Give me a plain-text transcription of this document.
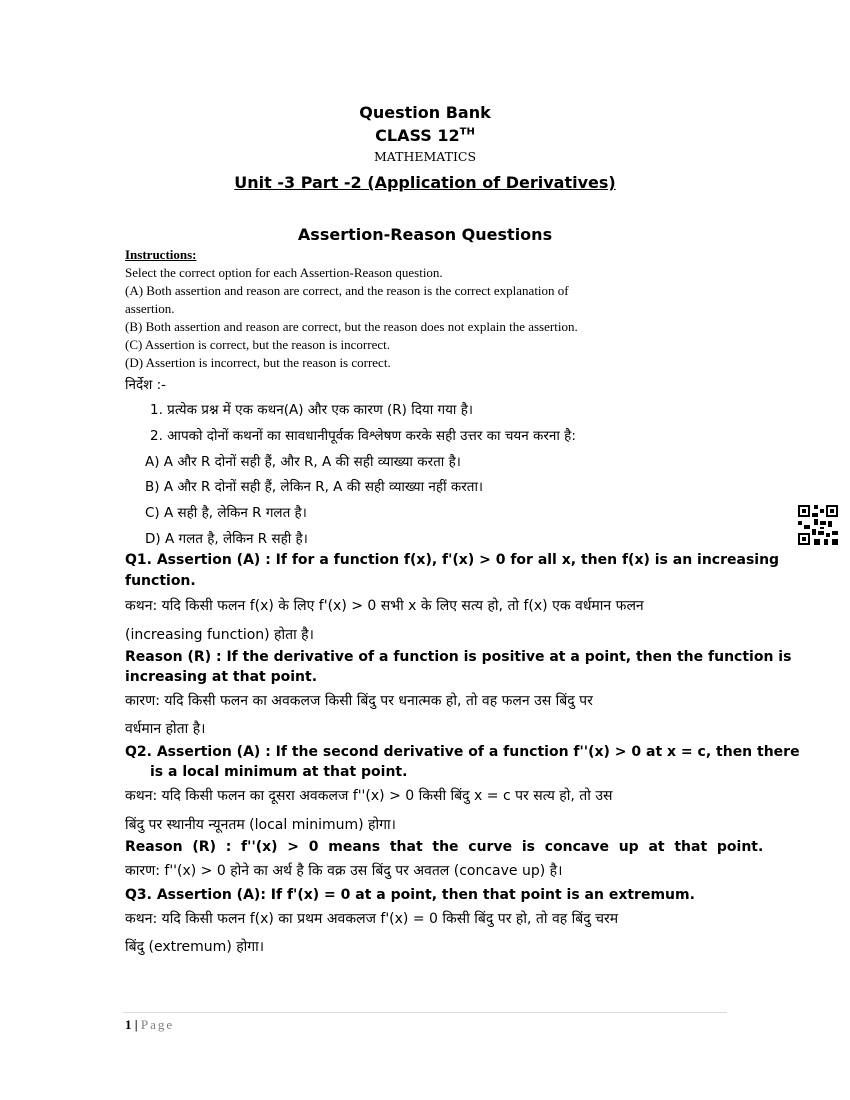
Question Bank
CLASS 12TH
MATHEMATICS
Unit -3 Part -2 (Application of Derivatives)
Assertion-Reason Questions
Instructions:
Select the correct option for each Assertion-Reason question.
(A) Both assertion and reason are correct, and the reason is the correct explanation of
assertion.
(B) Both assertion and reason are correct, but the reason does not explain the assertion.
(C) Assertion is correct, but the reason is incorrect.
(D) Assertion is incorrect, but the reason is correct.
निर्देश :-
1. प्रत्येक प्रश्न में एक कथन(A) और एक कारण (R) दिया गया है।
2. आपको दोनों कथनों का सावधानीपूर्वक विश्लेषण करके सही उत्तर का चयन करना है:
A) A और R दोनों सही हैं, और R, A की सही व्याख्या करता है।
B) A और R दोनों सही हैं, लेकिन R, A की सही व्याख्या नहीं करता।
C) A सही है, लेकिन R गलत है।
D) A गलत है, लेकिन R सही है।
Q1. Assertion (A) : If for a function f(x), f'(x) > 0 for all x, then f(x) is an increasing
function.
कथन: यदि किसी फलन f(x) के लिए f'(x) > 0 सभी x के लिए सत्य हो, तो f(x) एक वर्धमान फलन
(increasing function) होता है।
Reason (R) : If the derivative of a function is positive at a point, then the function is
increasing at that point.
कारण: यदि किसी फलन का अवकलज किसी बिंदु पर धनात्मक हो, तो वह फलन उस बिंदु पर
वर्धमान होता है।
Q2. Assertion (A) : If the second derivative of a function f''(x) > 0 at x = c, then there
is a local minimum at that point.
कथन: यदि किसी फलन का दूसरा अवकलज f''(x) > 0 किसी बिंदु x = c पर सत्य हो, तो उस
बिंदु पर स्थानीय न्यूनतम (local minimum) होगा।
Reason  (R)  :  f''(x)  >  0  means  that  the  curve  is  concave  up  at  that  point.
कारण: f''(x) > 0 होने का अर्थ है कि वक्र उस बिंदु पर अवतल (concave up) है।
Q3. Assertion (A): If f'(x) = 0 at a point, then that point is an extremum.
कथन: यदि किसी फलन f(x) का प्रथम अवकलज f'(x) = 0 किसी बिंदु पर हो, तो वह बिंदु चरम
बिंदु (extremum) होगा।
1 | Page
